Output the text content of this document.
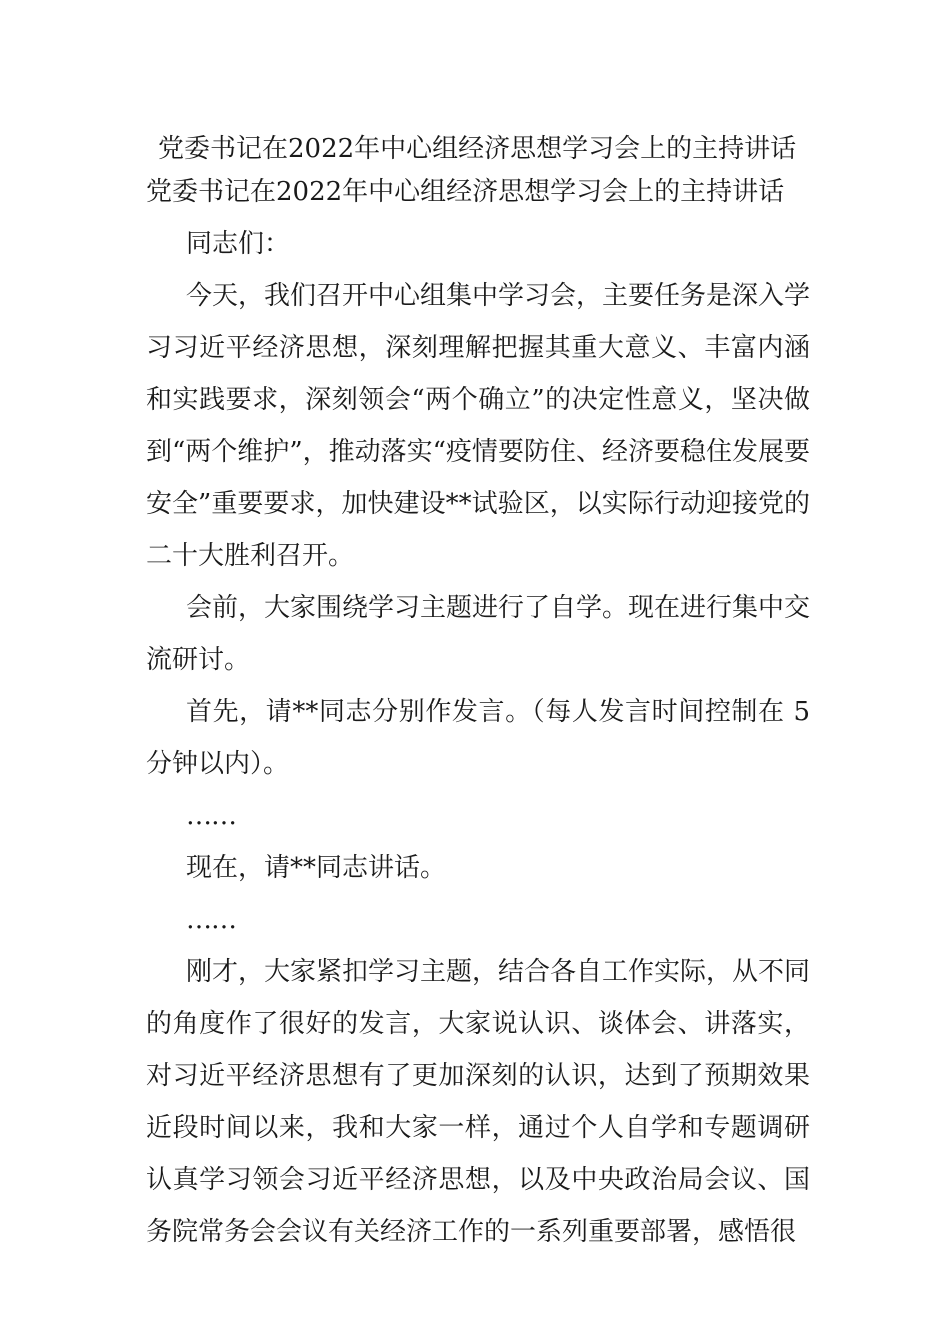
党委书记在2022年中心组经济思想学习会上的主持讲话
党委书记在2022年中心组经济思想学习会上的主持讲话

同志们：

今天，我们召开中心组集中学习会，主要任务是深入学习习近平经济思想，深刻理解把握其重大意义、丰富内涵和实践要求，深刻领会“两个确立”的决定性意义，坚决做到“两个维护”，推动落实“疫情要防住、经济要稳住发展要安全”重要要求，加快建设**试验区，以实际行动迎接党的二十大胜利召开。

会前，大家围绕学习主题进行了自学。现在进行集中交流研讨。

首先，请**同志分别作发言。（每人发言时间控制在 5 分钟以内）。

……

现在，请**同志讲话。

……

刚才，大家紧扣学习主题，结合各自工作实际，从不同的角度作了很好的发言，大家说认识、谈体会、讲落实，对习近平经济思想有了更加深刻的认识，达到了预期效果近段时间以来，我和大家一样，通过个人自学和专题调研认真学习领会习近平经济思想，以及中央政治局会议、国务院常务会会议有关经济工作的一系列重要部署，感悟很
